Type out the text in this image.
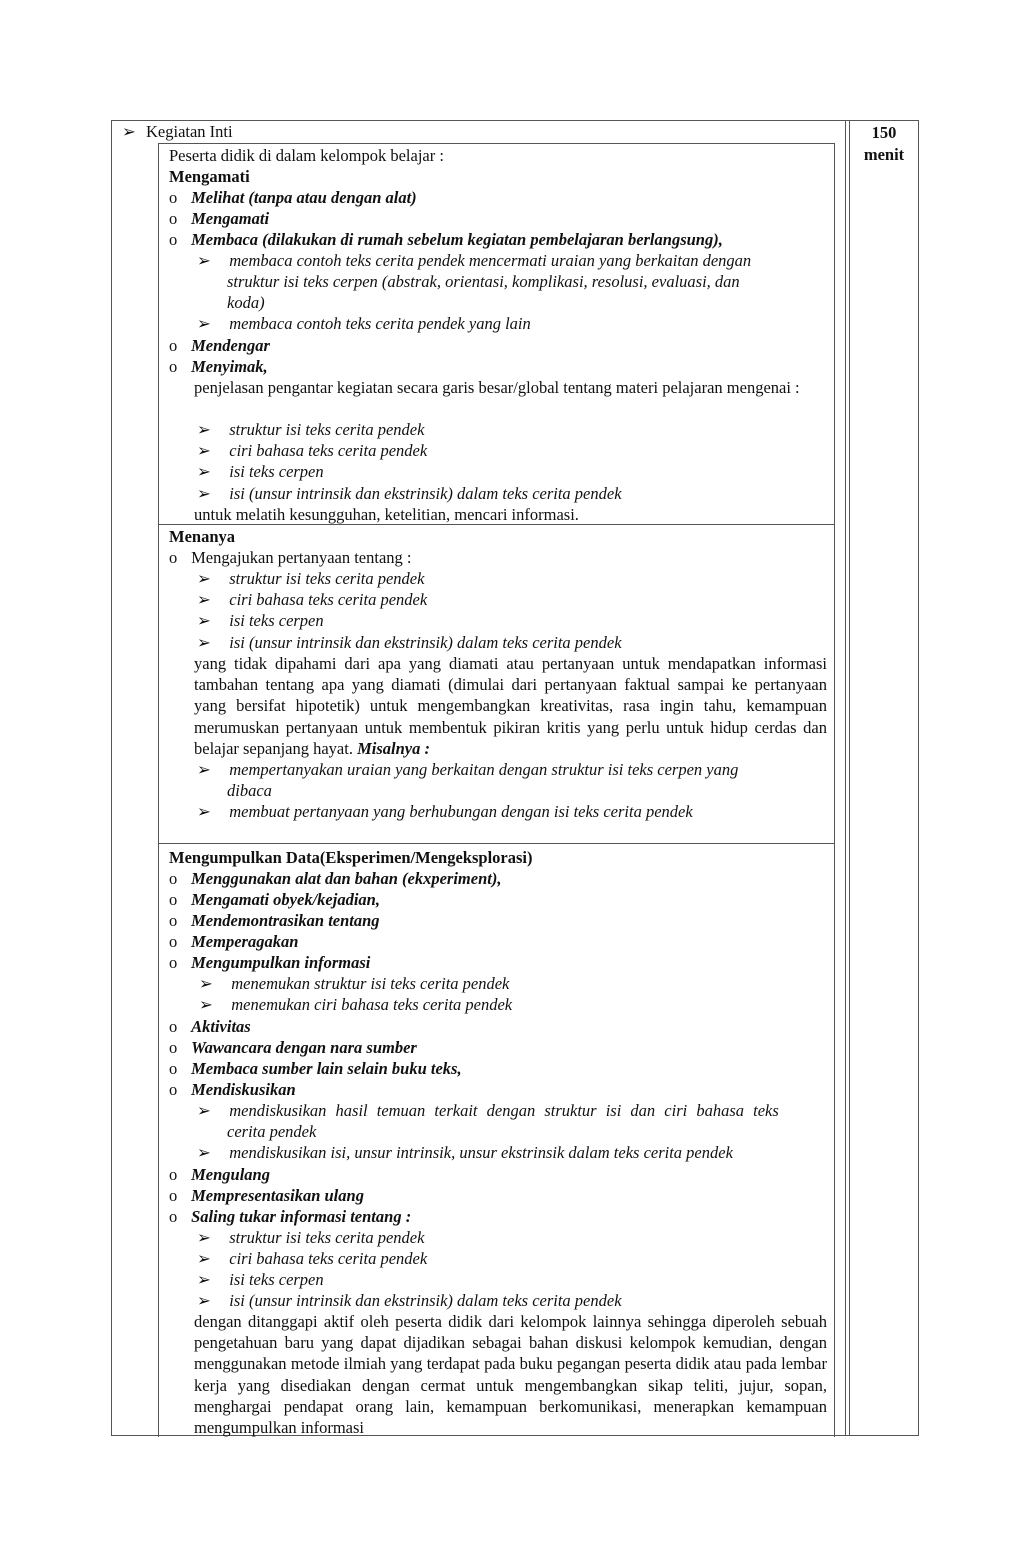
150
menit
➢ Kegiatan Inti
Peserta didik di dalam kelompok belajar :
Mengamati
o Melihat (tanpa atau dengan alat)
o Mengamati
o Membaca (dilakukan di rumah sebelum kegiatan pembelajaran berlangsung),
➢ membaca contoh teks cerita pendek mencermati uraian yang berkaitan dengan
struktur isi teks cerpen (abstrak, orientasi, komplikasi, resolusi, evaluasi, dan
koda)
➢ membaca contoh teks cerita pendek yang lain
o Mendengar
o Menyimak,
penjelasan pengantar kegiatan secara garis besar/global tentang materi pelajaran mengenai :
➢ struktur isi teks cerita pendek
➢ ciri bahasa teks cerita pendek
➢ isi teks cerpen
➢ isi (unsur intrinsik dan ekstrinsik) dalam teks cerita pendek
untuk melatih kesungguhan, ketelitian, mencari informasi.
Menanya
o Mengajukan pertanyaan tentang :
➢ struktur isi teks cerita pendek
➢ ciri bahasa teks cerita pendek
➢ isi teks cerpen
➢ isi (unsur intrinsik dan ekstrinsik) dalam teks cerita pendek
yang tidak dipahami dari apa yang diamati atau pertanyaan untuk mendapatkan informasi tambahan tentang apa yang diamati (dimulai dari pertanyaan faktual sampai ke pertanyaan yang bersifat hipotetik) untuk mengembangkan kreativitas, rasa ingin tahu, kemampuan merumuskan pertanyaan untuk membentuk pikiran kritis yang perlu untuk hidup cerdas dan belajar sepanjang hayat. Misalnya :
➢ mempertanyakan uraian yang berkaitan dengan struktur isi teks cerpen yang
dibaca
➢ membuat pertanyaan yang berhubungan dengan isi teks cerita pendek
Mengumpulkan Data(Eksperimen/Mengeksplorasi)
o Menggunakan alat dan bahan (ekxperiment),
o Mengamati obyek/kejadian,
o Mendemontrasikan tentang
o Memperagakan
o Mengumpulkan informasi
➢ menemukan struktur isi teks cerita pendek
➢ menemukan ciri bahasa teks cerita pendek
o Aktivitas
o Wawancara dengan nara sumber
o Membaca sumber lain selain buku teks,
o Mendiskusikan
➢ mendiskusikan hasil temuan terkait dengan struktur isi dan ciri bahasa teks
cerita pendek
➢ mendiskusikan isi, unsur intrinsik, unsur ekstrinsik dalam teks cerita pendek
o Mengulang
o Mempresentasikan ulang
o Saling tukar informasi tentang :
➢ struktur isi teks cerita pendek
➢ ciri bahasa teks cerita pendek
➢ isi teks cerpen
➢ isi (unsur intrinsik dan ekstrinsik) dalam teks cerita pendek
dengan ditanggapi aktif oleh peserta didik dari kelompok lainnya sehingga diperoleh sebuah pengetahuan baru yang dapat dijadikan sebagai bahan diskusi kelompok kemudian, dengan menggunakan metode ilmiah yang terdapat pada buku pegangan peserta didik atau pada lembar kerja yang disediakan dengan cermat untuk mengembangkan sikap teliti, jujur, sopan, menghargai pendapat orang lain, kemampuan berkomunikasi, menerapkan kemampuan mengumpulkan informasi
